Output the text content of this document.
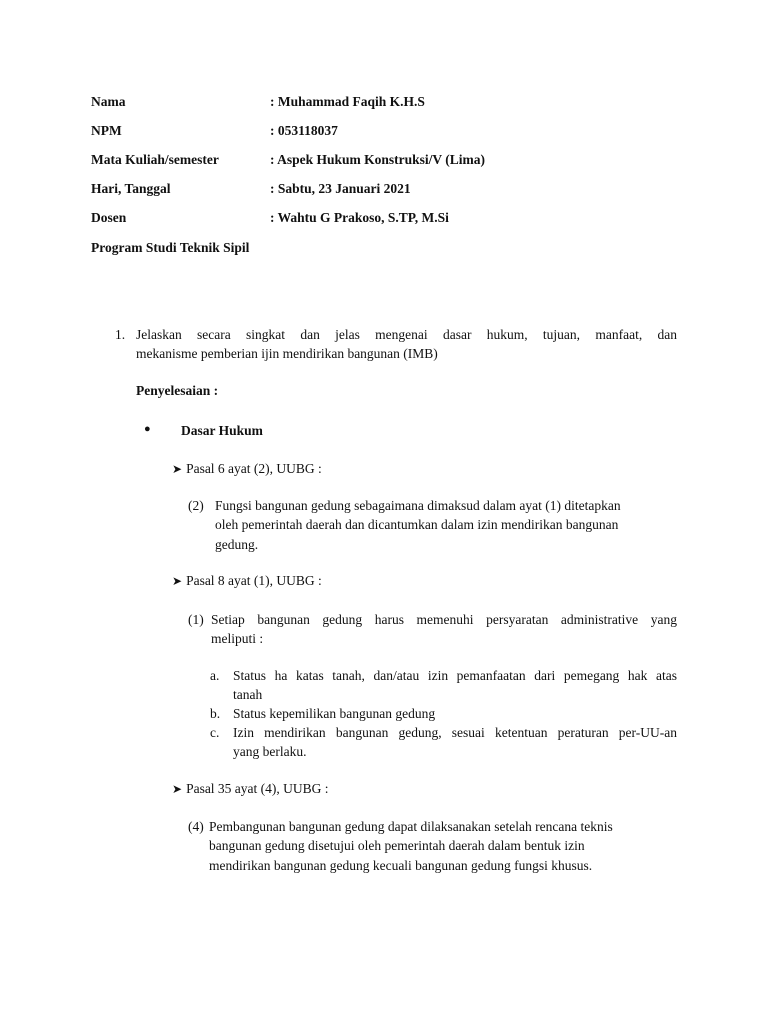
Nama	: Muhammad Faqih K.H.S
NPM	: 053118037
Mata Kuliah/semester	: Aspek Hukum Konstruksi/V (Lima)
Hari, Tanggal	: Sabtu, 23 Januari 2021
Dosen	: Wahtu G Prakoso, S.TP, M.Si
Program Studi Teknik Sipil
1. Jelaskan secara singkat dan jelas mengenai dasar hukum, tujuan, manfaat, dan
mekanisme pemberian ijin mendirikan bangunan (IMB)
Penyelesaian :
● Dasar Hukum
➤ Pasal 6 ayat (2), UUBG :
(2) Fungsi bangunan gedung sebagaimana dimaksud dalam ayat (1) ditetapkan
oleh pemerintah daerah dan dicantumkan dalam izin mendirikan bangunan
gedung.
➤ Pasal 8 ayat (1), UUBG :
(1) Setiap bangunan gedung harus memenuhi persyaratan administrative yang
meliputi :
a. Status ha katas tanah, dan/atau izin pemanfaatan dari pemegang hak atas
tanah
b. Status kepemilikan bangunan gedung
c. Izin mendirikan bangunan gedung, sesuai ketentuan peraturan per-UU-an
yang berlaku.
➤ Pasal 35 ayat (4), UUBG :
(4) Pembangunan bangunan gedung dapat dilaksanakan setelah rencana teknis
bangunan gedung disetujui oleh pemerintah daerah dalam bentuk izin
mendirikan bangunan gedung kecuali bangunan gedung fungsi khusus.
